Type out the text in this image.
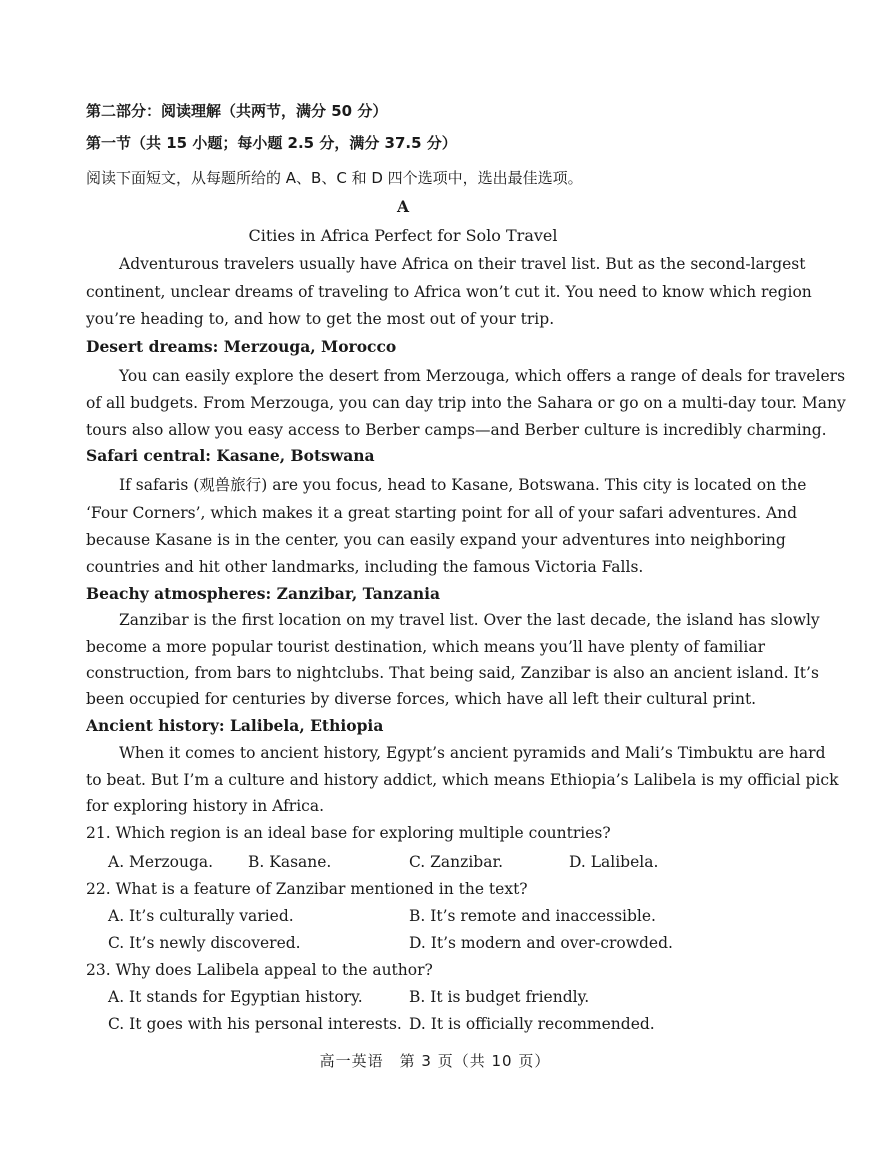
第二部分：阅读理解（共两节，满分 50 分）
第一节（共 15 小题；每小题 2.5 分，满分 37.5 分）
阅读下面短文，从每题所给的 A、B、C 和 D 四个选项中，选出最佳选项。
A
Cities in Africa Perfect for Solo Travel
Adventurous travelers usually have Africa on their travel list. But as the second-largest
continent, unclear dreams of traveling to Africa won’t cut it. You need to know which region
you’re heading to, and how to get the most out of your trip.
Desert dreams: Merzouga, Morocco
You can easily explore the desert from Merzouga, which offers a range of deals for travelers
of all budgets. From Merzouga, you can day trip into the Sahara or go on a multi-day tour. Many
tours also allow you easy access to Berber camps—and Berber culture is incredibly charming.
Safari central: Kasane, Botswana
If safaris (观兽旅行) are you focus, head to Kasane, Botswana. This city is located on the
‘Four Corners’, which makes it a great starting point for all of your safari adventures. And
because Kasane is in the center, you can easily expand your adventures into neighboring
countries and hit other landmarks, including the famous Victoria Falls.
Beachy atmospheres: Zanzibar, Tanzania
Zanzibar is the first location on my travel list. Over the last decade, the island has slowly
become a more popular tourist destination, which means you’ll have plenty of familiar
construction, from bars to nightclubs. That being said, Zanzibar is also an ancient island. It’s
been occupied for centuries by diverse forces, which have all left their cultural print.
Ancient history: Lalibela, Ethiopia
When it comes to ancient history, Egypt’s ancient pyramids and Mali’s Timbuktu are hard
to beat. But I’m a culture and history addict, which means Ethiopia’s Lalibela is my official pick
for exploring history in Africa.
21. Which region is an ideal base for exploring multiple countries?
A. Merzouga. B. Kasane.	C. Zanzibar.	D. Lalibela.
22. What is a feature of Zanzibar mentioned in the text?
A. It’s culturally varied.	B. It’s remote and inaccessible.
C. It’s newly discovered.	D. It’s modern and over-crowded.
23. Why does Lalibela appeal to the author?
A. It stands for Egyptian history.	B. It is budget friendly.
C. It goes with his personal interests. D. It is officially recommended.
高一英语　第 3 页（共 10 页）
